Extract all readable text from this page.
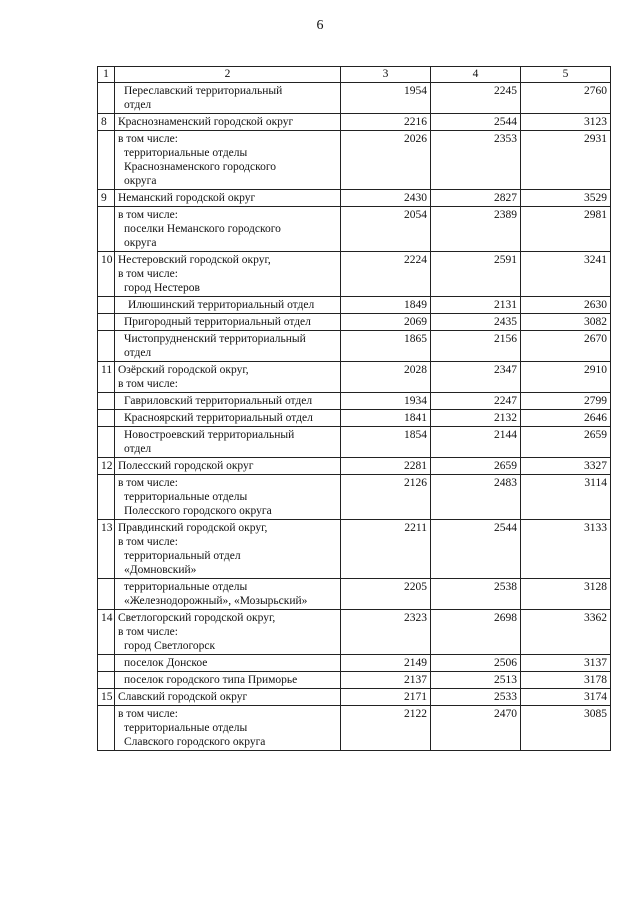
6
1	2	3	4	5

	Переславский территориальный
отдел	1954	2245	2760
8	Краснознаменский городской округ	2216	2544	3123

	в том числе:
территориальные отделы
Краснознаменского городского
округа	2026	2353	2931
9	Неманский городской округ	2430	2827	3529

	в том числе:
поселки Неманского городского
округа	2054	2389	2981
10	Нестеровский городской округ,
в том числе:
город Нестеров	2224	2591	3241

	Илюшинский территориальный отдел	1849	2131	2630

	Пригородный территориальный отдел	2069	2435	3082

	Чистопрудненский территориальный
отдел	1865	2156	2670
11	Озёрский городской округ,
в том числе:	2028	2347	2910

	Гавриловский территориальный отдел	1934	2247	2799

	Красноярский территориальный отдел	1841	2132	2646

	Новостроевский территориальный
отдел	1854	2144	2659
12	Полесский городской округ	2281	2659	3327

	в том числе:
территориальные отделы
Полесского городского округа	2126	2483	3114
13	Правдинский городской округ,
в том числе:
территориальный отдел
«Домновский»	2211	2544	3133

	территориальные отделы
«Железнодорожный», «Мозырьский»	2205	2538	3128
14	Светлогорский городской округ,
в том числе:
город Светлогорск	2323	2698	3362

	поселок Донское	2149	2506	3137

	поселок городского типа Приморье	2137	2513	3178
15	Славский городской округ	2171	2533	3174

	в том числе:
территориальные отделы
Славского городского округа	2122	2470	3085
